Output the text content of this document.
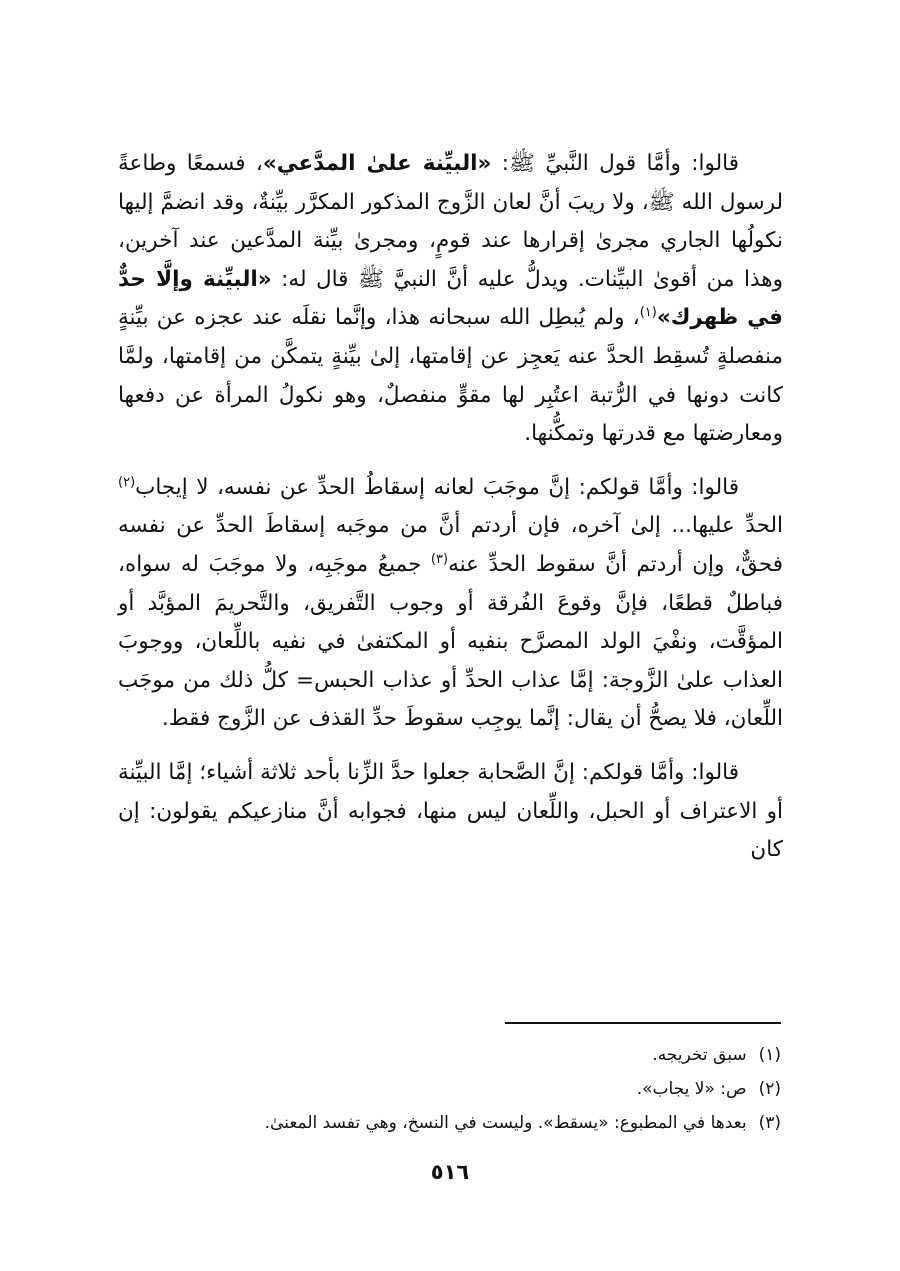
قالوا: وأمَّا قول النَّبيِّ ﷺ: «البيِّنة علىٰ المدَّعي»، فسمعًا وطاعةً لرسول الله ﷺ، ولا ريبَ أنَّ لعان الزَّوج المذكور المكرَّر بيِّنةٌ، وقد انضمَّ إليها نكولُها الجاري مجرىٰ إقرارها عند قومٍ، ومجرىٰ بيِّنة المدَّعين عند آخرين، وهذا من أقوىٰ البيِّنات. ويدلُّ عليه أنَّ النبيَّ ﷺ قال له: «البيِّنة وإلَّا حدٌّ في ظهرك»$^{(١)}$، ولم يُبطِل الله سبحانه هذا، وإنَّما نقلَه عند عجزه عن بيِّنةٍ منفصلةٍ تُسقِط الحدَّ عنه يَعجِز عن إقامتها، إلىٰ بيِّنةٍ يتمكَّن من إقامتها، ولمَّا كانت دونها في الرُّتبة اعتُبِر لها مقوٍّ منفصلٌ، وهو نكولُ المرأة عن دفعها ومعارضتها مع قدرتها وتمكُّنها.

قالوا: وأمَّا قولكم: إنَّ موجَبَ لعانه إسقاطُ الحدِّ عن نفسه، لا إيجاب$^{(٢)}$ الحدِّ عليها... إلىٰ آخره، فإن أردتم أنَّ من موجَبه إسقاطَ الحدِّ عن نفسه فحقٌّ، وإن أردتم أنَّ سقوط الحدِّ عنه$^{(٣)}$ جميعُ موجَبِه، ولا موجَبَ له سواه، فباطلٌ قطعًا، فإنَّ وقوعَ الفُرقة أو وجوب التَّفريق، والتَّحريمَ المؤبَّد أو المؤقَّت، ونفْيَ الولد المصرَّح بنفيه أو المكتفىٰ في نفيه باللِّعان، ووجوبَ العذاب علىٰ الزَّوجة: إمَّا عذاب الحدِّ أو عذاب الحبس= كلُّ ذلك من موجَب اللِّعان، فلا يصحُّ أن يقال: إنَّما يوجِب سقوطَ حدِّ القذف عن الزَّوج فقط.

قالوا: وأمَّا قولكم: إنَّ الصَّحابة جعلوا حدَّ الزِّنا بأحد ثلاثة أشياء؛ إمَّا البيِّنة أو الاعتراف أو الحبل، واللِّعان ليس منها، فجوابه أنَّ منازعيكم يقولون: إن كان

(١)
سبق تخريجه.
(٢)
ص: «لا يجاب».
(٣)
بعدها في المطبوع: «يسقط». وليست في النسخ، وهي تفسد المعنىٰ.
٥١٦
